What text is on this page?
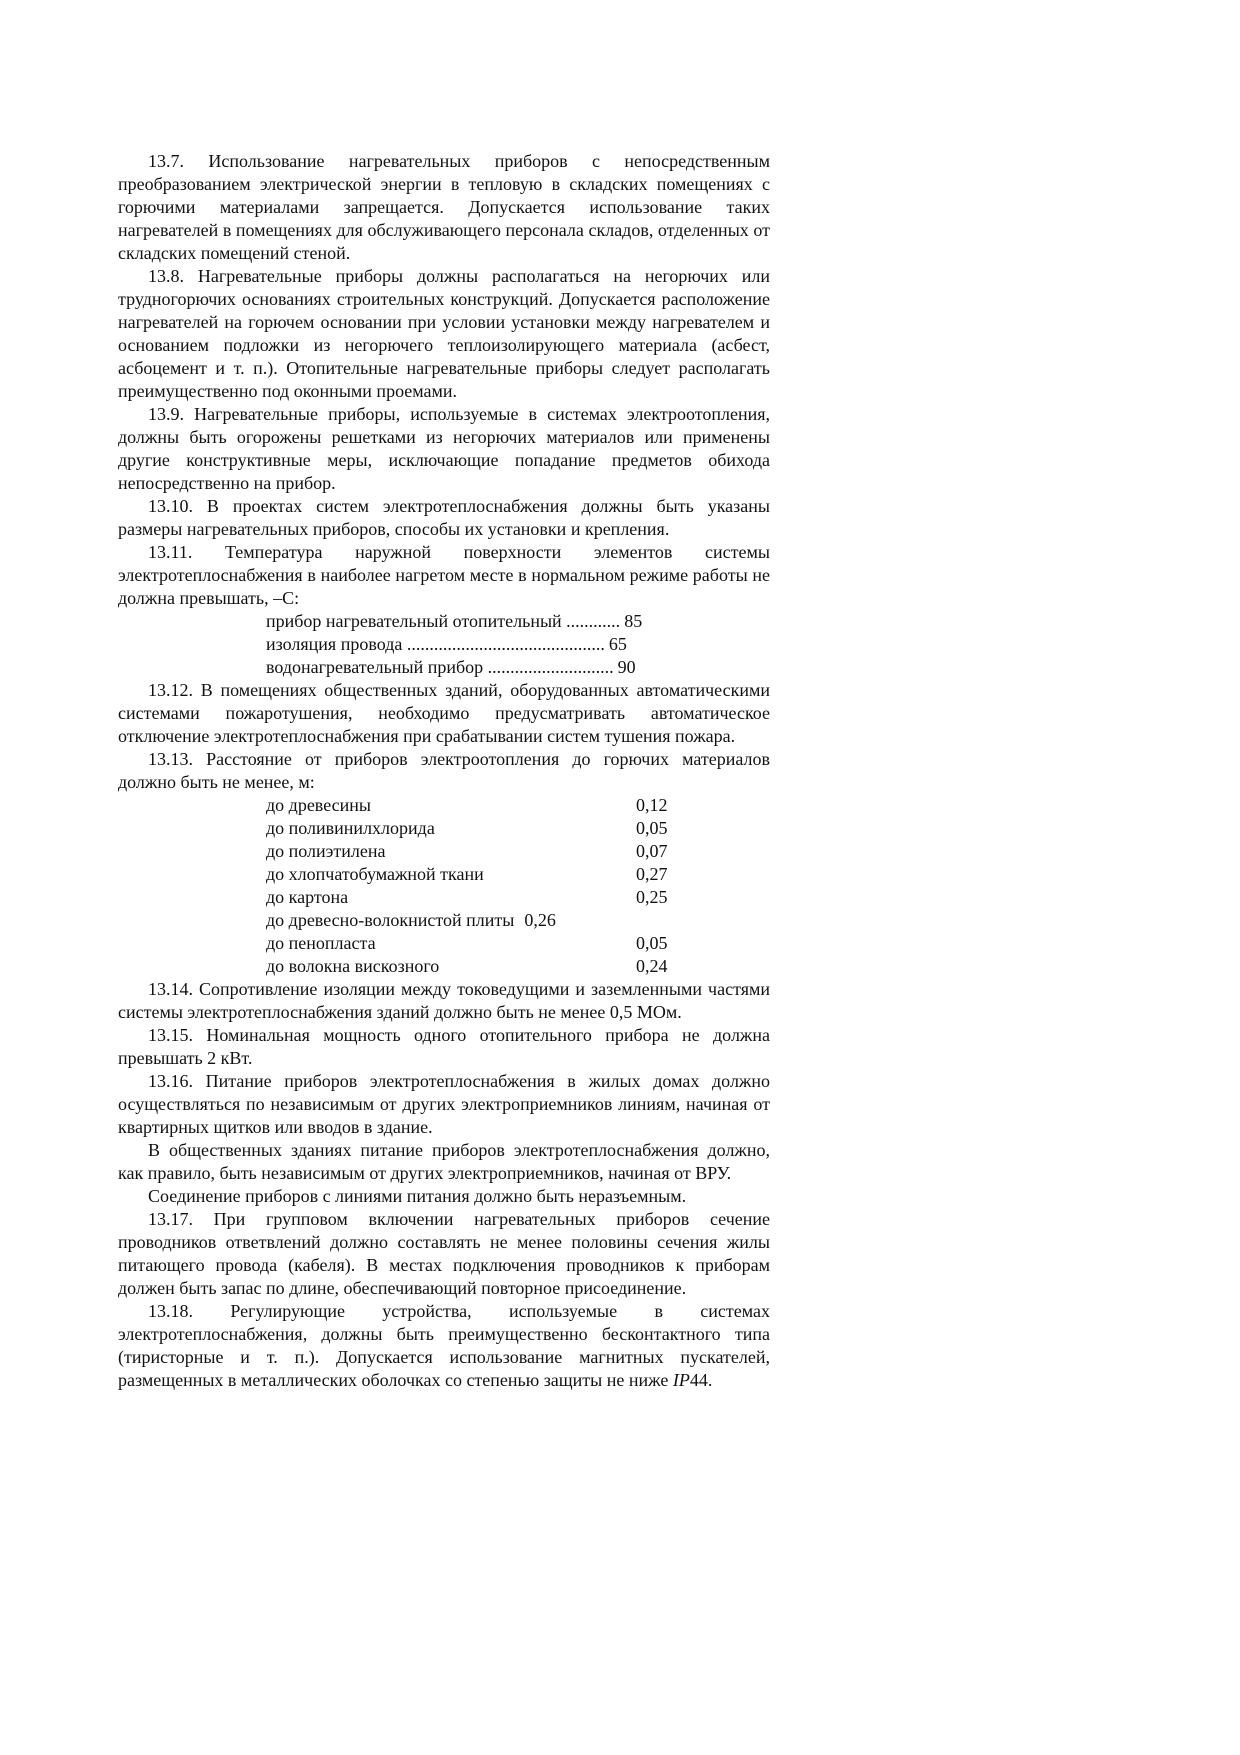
13.7. Использование нагревательных приборов с непосредственным преобразованием электрической энергии в тепловую в складских помещениях с горючими материалами запрещается. Допускается использование таких нагревателей в помещениях для обслуживающего персонала складов, отделенных от складских помещений стеной.

13.8. Нагревательные приборы должны располагаться на негорючих или трудногорючих основаниях строительных конструкций. Допускается расположение нагревателей на горючем основании при условии установки между нагревателем и основанием подложки из негорючего теплоизолирующего материала (асбест, асбоцемент и т. п.). Отопительные нагревательные приборы следует располагать преимущественно под оконными проемами.

13.9. Нагревательные приборы, используемые в системах электроотопления, должны быть огорожены решетками из негорючих материалов или применены другие конструктивные меры, исключающие попадание предметов обихода непосредственно на прибор.

13.10. В проектах систем электротеплоснабжения должны быть указаны размеры нагревательных приборов, способы их установки и крепления.

13.11. Температура наружной поверхности элементов системы электротеплоснабжения в наиболее нагретом месте в нормальном режиме работы не должна превышать, –С:

прибор нагревательный отопительный ............ 85
изоляция провода ............................................ 65
водонагревательный прибор ............................ 90

13.12. В помещениях общественных зданий, оборудованных автоматическими системами пожаротушения, необходимо предусматривать автоматическое отключение электротеплоснабжения при срабатывании систем тушения пожара.

13.13. Расстояние от приборов электроотопления до горючих материалов должно быть не менее, м:

до древесины	0,12
до поливинилхлорида	0,05
до полиэтилена	0,07
до хлопчатобумажной ткани	0,27
до картона	0,25
до древесно-волокнистой плиты 0,26
до пенопласта	0,05
до волокна вискозного	0,24

13.14. Сопротивление изоляции между токоведущими и заземленными частями системы электротеплоснабжения зданий должно быть не менее 0,5 МОм.

13.15. Номинальная мощность одного отопительного прибора не должна превышать 2 кВт.

13.16. Питание приборов электротеплоснабжения в жилых домах должно осуществляться по независимым от других электроприемников линиям, начиная от квартирных щитков или вводов в здание.

В общественных зданиях питание приборов электротеплоснабжения должно, как правило, быть независимым от других электроприемников, начиная от ВРУ.

Соединение приборов с линиями питания должно быть неразъемным.

13.17. При групповом включении нагревательных приборов сечение проводников ответвлений должно составлять не менее половины сечения жилы питающего провода (кабеля). В местах подключения проводников к приборам должен быть запас по длине, обеспечивающий повторное присоединение.

13.18. Регулирующие устройства, используемые в системах электротеплоснабжения, должны быть преимущественно бесконтактного типа (тиристорные и т. п.). Допускается использование магнитных пускателей, размещенных в металлических оболочках со степенью защиты не ниже IP44.
